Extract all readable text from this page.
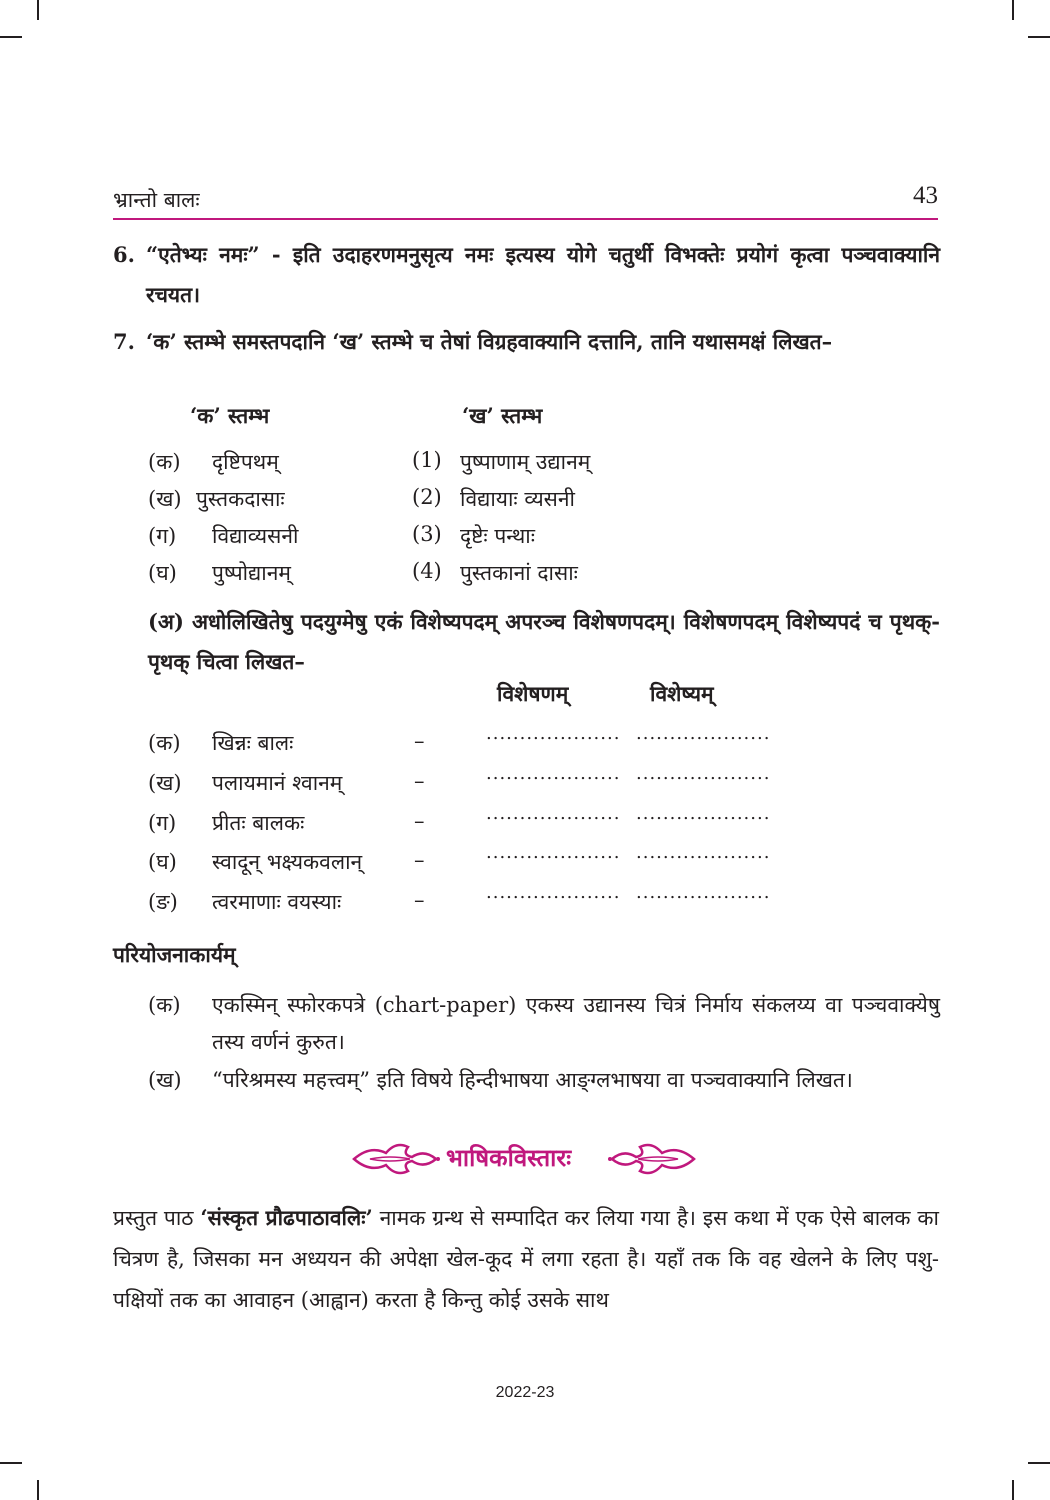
भ्रान्तो बालः	43
6. “एतेभ्यः नमः” - इति उदाहरणमनुसृत्य नमः इत्यस्य योगे चतुर्थी विभक्तेः प्रयोगं कृत्वा पञ्चवाक्यानि रचयत।
7. ‘क’ स्तम्भे समस्तपदानि ‘ख’ स्तम्भे च तेषां विग्रहवाक्यानि दत्तानि, तानि यथासमक्षं लिखत–
‘क’ स्तम्भ	‘ख’ स्तम्भ
(क) दृष्टिपथम्	(1) पुष्पाणाम् उद्यानम्
(ख) पुस्तकदासाः	(2) विद्यायाः व्यसनी
(ग) विद्याव्यसनी	(3) दृष्टेः पन्थाः
(घ) पुष्पोद्यानम्	(4) पुस्तकानां दासाः
(अ) अधोलिखितेषु पदयुग्मेषु एकं विशेष्यपदम् अपरञ्च विशेषणपदम्। विशेषणपदम् विशेष्यपदं च पृथक्-पृथक् चित्वा लिखत–
विशेषणम्	विशेष्यम्
(क) खिन्नः बालः	–	.................... ....................
(ख) पलायमानं श्वानम्	–	.................... ....................
(ग) प्रीतः बालकः	–	.................... ....................
(घ) स्वादून् भक्ष्यकवलान् –	.................... ....................
(ङ) त्वरमाणाः वयस्याः	–	.................... ....................
परियोजनाकार्यम्
(क) एकस्मिन् स्फोरकपत्रे (chart-paper) एकस्य उद्यानस्य चित्रं निर्माय संकलय्य वा पञ्चवाक्येषु तस्य वर्णनं कुरुत।
(ख) “परिश्रमस्य महत्त्वम्” इति विषये हिन्दीभाषया आङ्ग्लभाषया वा पञ्चवाक्यानि लिखत।
भाषिकविस्तारः
प्रस्तुत पाठ ‘संस्कृत प्रौढपाठावलिः’ नामक ग्रन्थ से सम्पादित कर लिया गया है। इस कथा में एक ऐसे बालक का चित्रण है, जिसका मन अध्ययन की अपेक्षा खेल-कूद में लगा रहता है। यहाँ तक कि वह खेलने के लिए पशु-पक्षियों तक का आवाहन (आह्वान) करता है किन्तु कोई उसके साथ
2022-23
